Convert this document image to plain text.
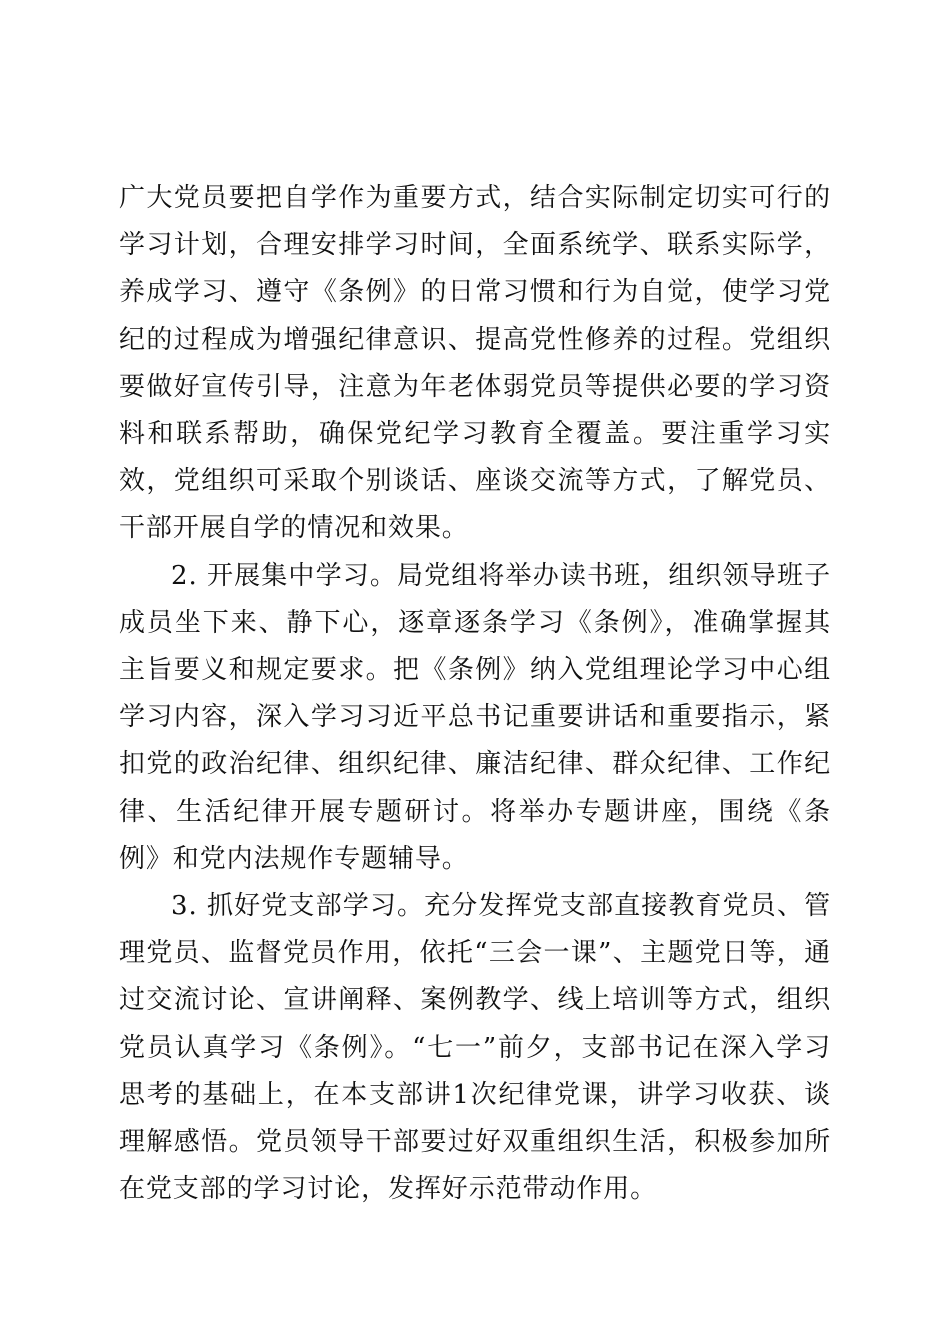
广大党员要把自学作为重要方式，结合实际制定切实可行的学习计划，合理安排学习时间，全面系统学、联系实际学，养成学习、遵守《条例》的日常习惯和行为自觉，使学习党纪的过程成为增强纪律意识、提高党性修养的过程。党组织要做好宣传引导，注意为年老体弱党员等提供必要的学习资料和联系帮助，确保党纪学习教育全覆盖。要注重学习实效，党组织可采取个别谈话、座谈交流等方式，了解党员、干部开展自学的情况和效果。

2. 开展集中学习。局党组将举办读书班，组织领导班子成员坐下来、静下心，逐章逐条学习《条例》，准确掌握其主旨要义和规定要求。把《条例》纳入党组理论学习中心组学习内容，深入学习习近平总书记重要讲话和重要指示，紧扣党的政治纪律、组织纪律、廉洁纪律、群众纪律、工作纪律、生活纪律开展专题研讨。将举办专题讲座，围绕《条例》和党内法规作专题辅导。

3. 抓好党支部学习。充分发挥党支部直接教育党员、管理党员、监督党员作用，依托“三会一课”、主题党日等，通过交流讨论、宣讲阐释、案例教学、线上培训等方式，组织党员认真学习《条例》。“七一”前夕，支部书记在深入学习思考的基础上，在本支部讲1次纪律党课，讲学习收获、谈理解感悟。党员领导干部要过好双重组织生活，积极参加所在党支部的学习讨论，发挥好示范带动作用。
